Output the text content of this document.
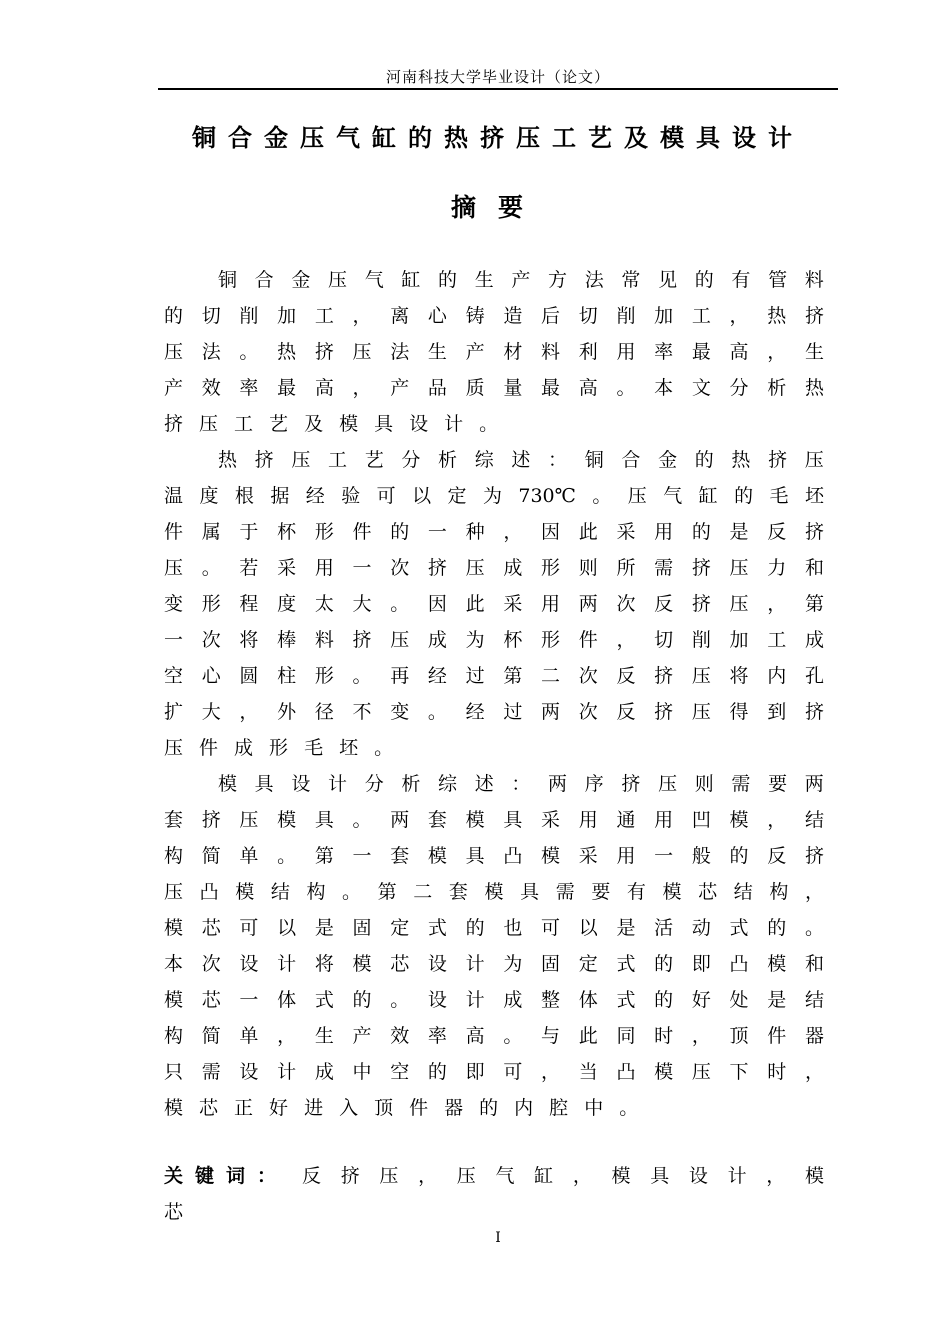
河南科技大学毕业设计（论文）
铜合金压气缸的热挤压工艺及模具设计
摘要
铜 合 金 压 气 缸 的 生 产 方 法 常 见 的 有 管 料
的 切 削 加 工 ， 离 心 铸 造 后 切 削 加 工 ， 热 挤
压 法 。 热 挤 压 法 生 产 材 料 利 用 率 最 高 ， 生
产 效 率 最 高 ， 产 品 质 量 最 高 。 本 文 分 析 热
挤 压 工 艺 及 模 具 设 计 。
热 挤 压 工 艺 分 析 综 述 ： 铜 合 金 的 热 挤 压
温 度 根 据 经 验 可 以 定 为 730℃ 。 压 气 缸 的 毛 坯
件 属 于 杯 形 件 的 一 种 ， 因 此 采 用 的 是 反 挤
压 。 若 采 用 一 次 挤 压 成 形 则 所 需 挤 压 力 和
变 形 程 度 太 大 。 因 此 采 用 两 次 反 挤 压 ， 第
一 次 将 棒 料 挤 压 成 为 杯 形 件 ， 切 削 加 工 成
空 心 圆 柱 形 。 再 经 过 第 二 次 反 挤 压 将 内 孔
扩 大 ， 外 径 不 变 。 经 过 两 次 反 挤 压 得 到 挤
压 件 成 形 毛 坯 。
模 具 设 计 分 析 综 述 ： 两 序 挤 压 则 需 要 两
套 挤 压 模 具 。 两 套 模 具 采 用 通 用 凹 模 ， 结
构 简 单 。 第 一 套 模 具 凸 模 采 用 一 般 的 反 挤
压 凸 模 结 构 。 第 二 套 模 具 需 要 有 模 芯 结 构 ，
模 芯 可 以 是 固 定 式 的 也 可 以 是 活 动 式 的 。
本 次 设 计 将 模 芯 设 计 为 固 定 式 的 即 凸 模 和
模 芯 一 体 式 的 。 设 计 成 整 体 式 的 好 处 是 结
构 简 单 ， 生 产 效 率 高 。 与 此 同 时 ， 顶 件 器
只 需 设 计 成 中 空 的 即 可 ， 当 凸 模 压 下 时 ，
模 芯 正 好 进 入 顶 件 器 的 内 腔 中 。
关键词： 反 挤 压 ， 压 气 缸 ， 模 具 设 计 ， 模
芯
I
